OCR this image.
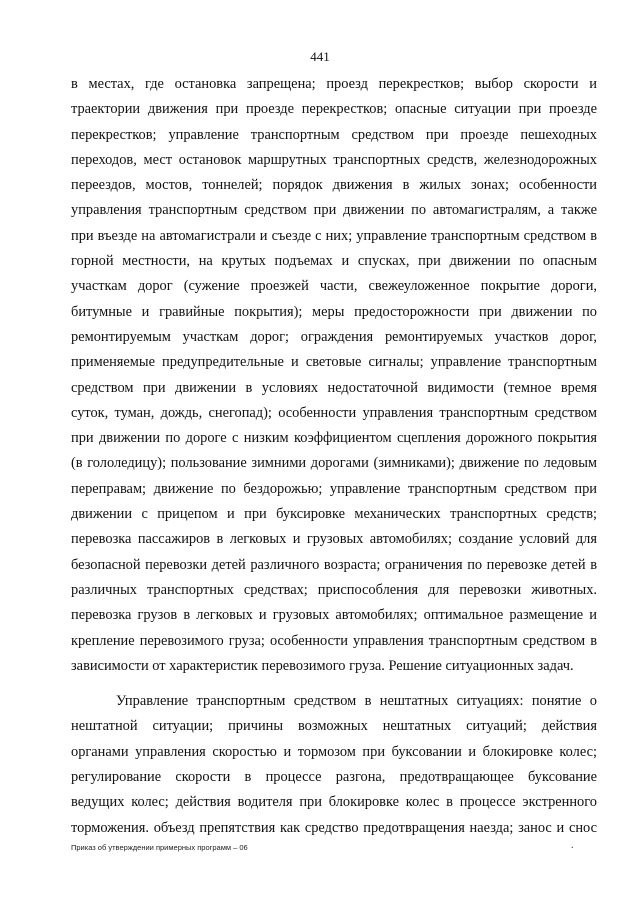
441
в местах, где остановка запрещена; проезд перекрестков; выбор скорости и
траектории движения при проезде перекрестков; опасные ситуации при проезде
перекрестков; управление транспортным средством при проезде пешеходных
переходов, мест остановок маршрутных транспортных средств, железнодорожных
переездов, мостов, тоннелей; порядок движения в жилых зонах; особенности
управления транспортным средством при движении по автомагистралям, а также
при въезде на автомагистрали и съезде с них; управление транспортным средством в
горной местности, на крутых подъемах и спусках, при движении по опасным
участкам дорог (сужение проезжей части, свежеуложенное покрытие дороги,
битумные и гравийные покрытия); меры предосторожности при движении по
ремонтируемым участкам дорог; ограждения ремонтируемых участков дорог,
применяемые предупредительные и световые сигналы; управление транспортным
средством при движении в условиях недостаточной видимости (темное время
суток, туман, дождь, снегопад); особенности управления транспортным средством
при движении по дороге с низким коэффициентом сцепления дорожного покрытия
(в гололедицу); пользование зимними дорогами (зимниками); движение по ледовым
переправам; движение по бездорожью; управление транспортным средством при
движении с прицепом и при буксировке механических транспортных средств;
перевозка пассажиров в легковых и грузовых автомобилях; создание условий для
безопасной перевозки детей различного возраста; ограничения по перевозке детей в
различных транспортных средствах; приспособления для перевозки животных.
перевозка грузов в легковых и грузовых автомобилях; оптимальное размещение и
крепление перевозимого груза; особенности управления транспортным средством в
зависимости от характеристик перевозимого груза. Решение ситуационных задач.
Управление транспортным средством в нештатных ситуациях: понятие о
нештатной ситуации; причины возможных нештатных ситуаций; действия
органами управления скоростью и тормозом при буксовании и блокировке колес;
регулирование скорости в процессе разгона, предотвращающее буксование
ведущих колес; действия водителя при блокировке колес в процессе экстренного
торможения. объезд препятствия как средство предотвращения наезда; занос и снос
Приказ об утверждении примерных программ – 06	.
